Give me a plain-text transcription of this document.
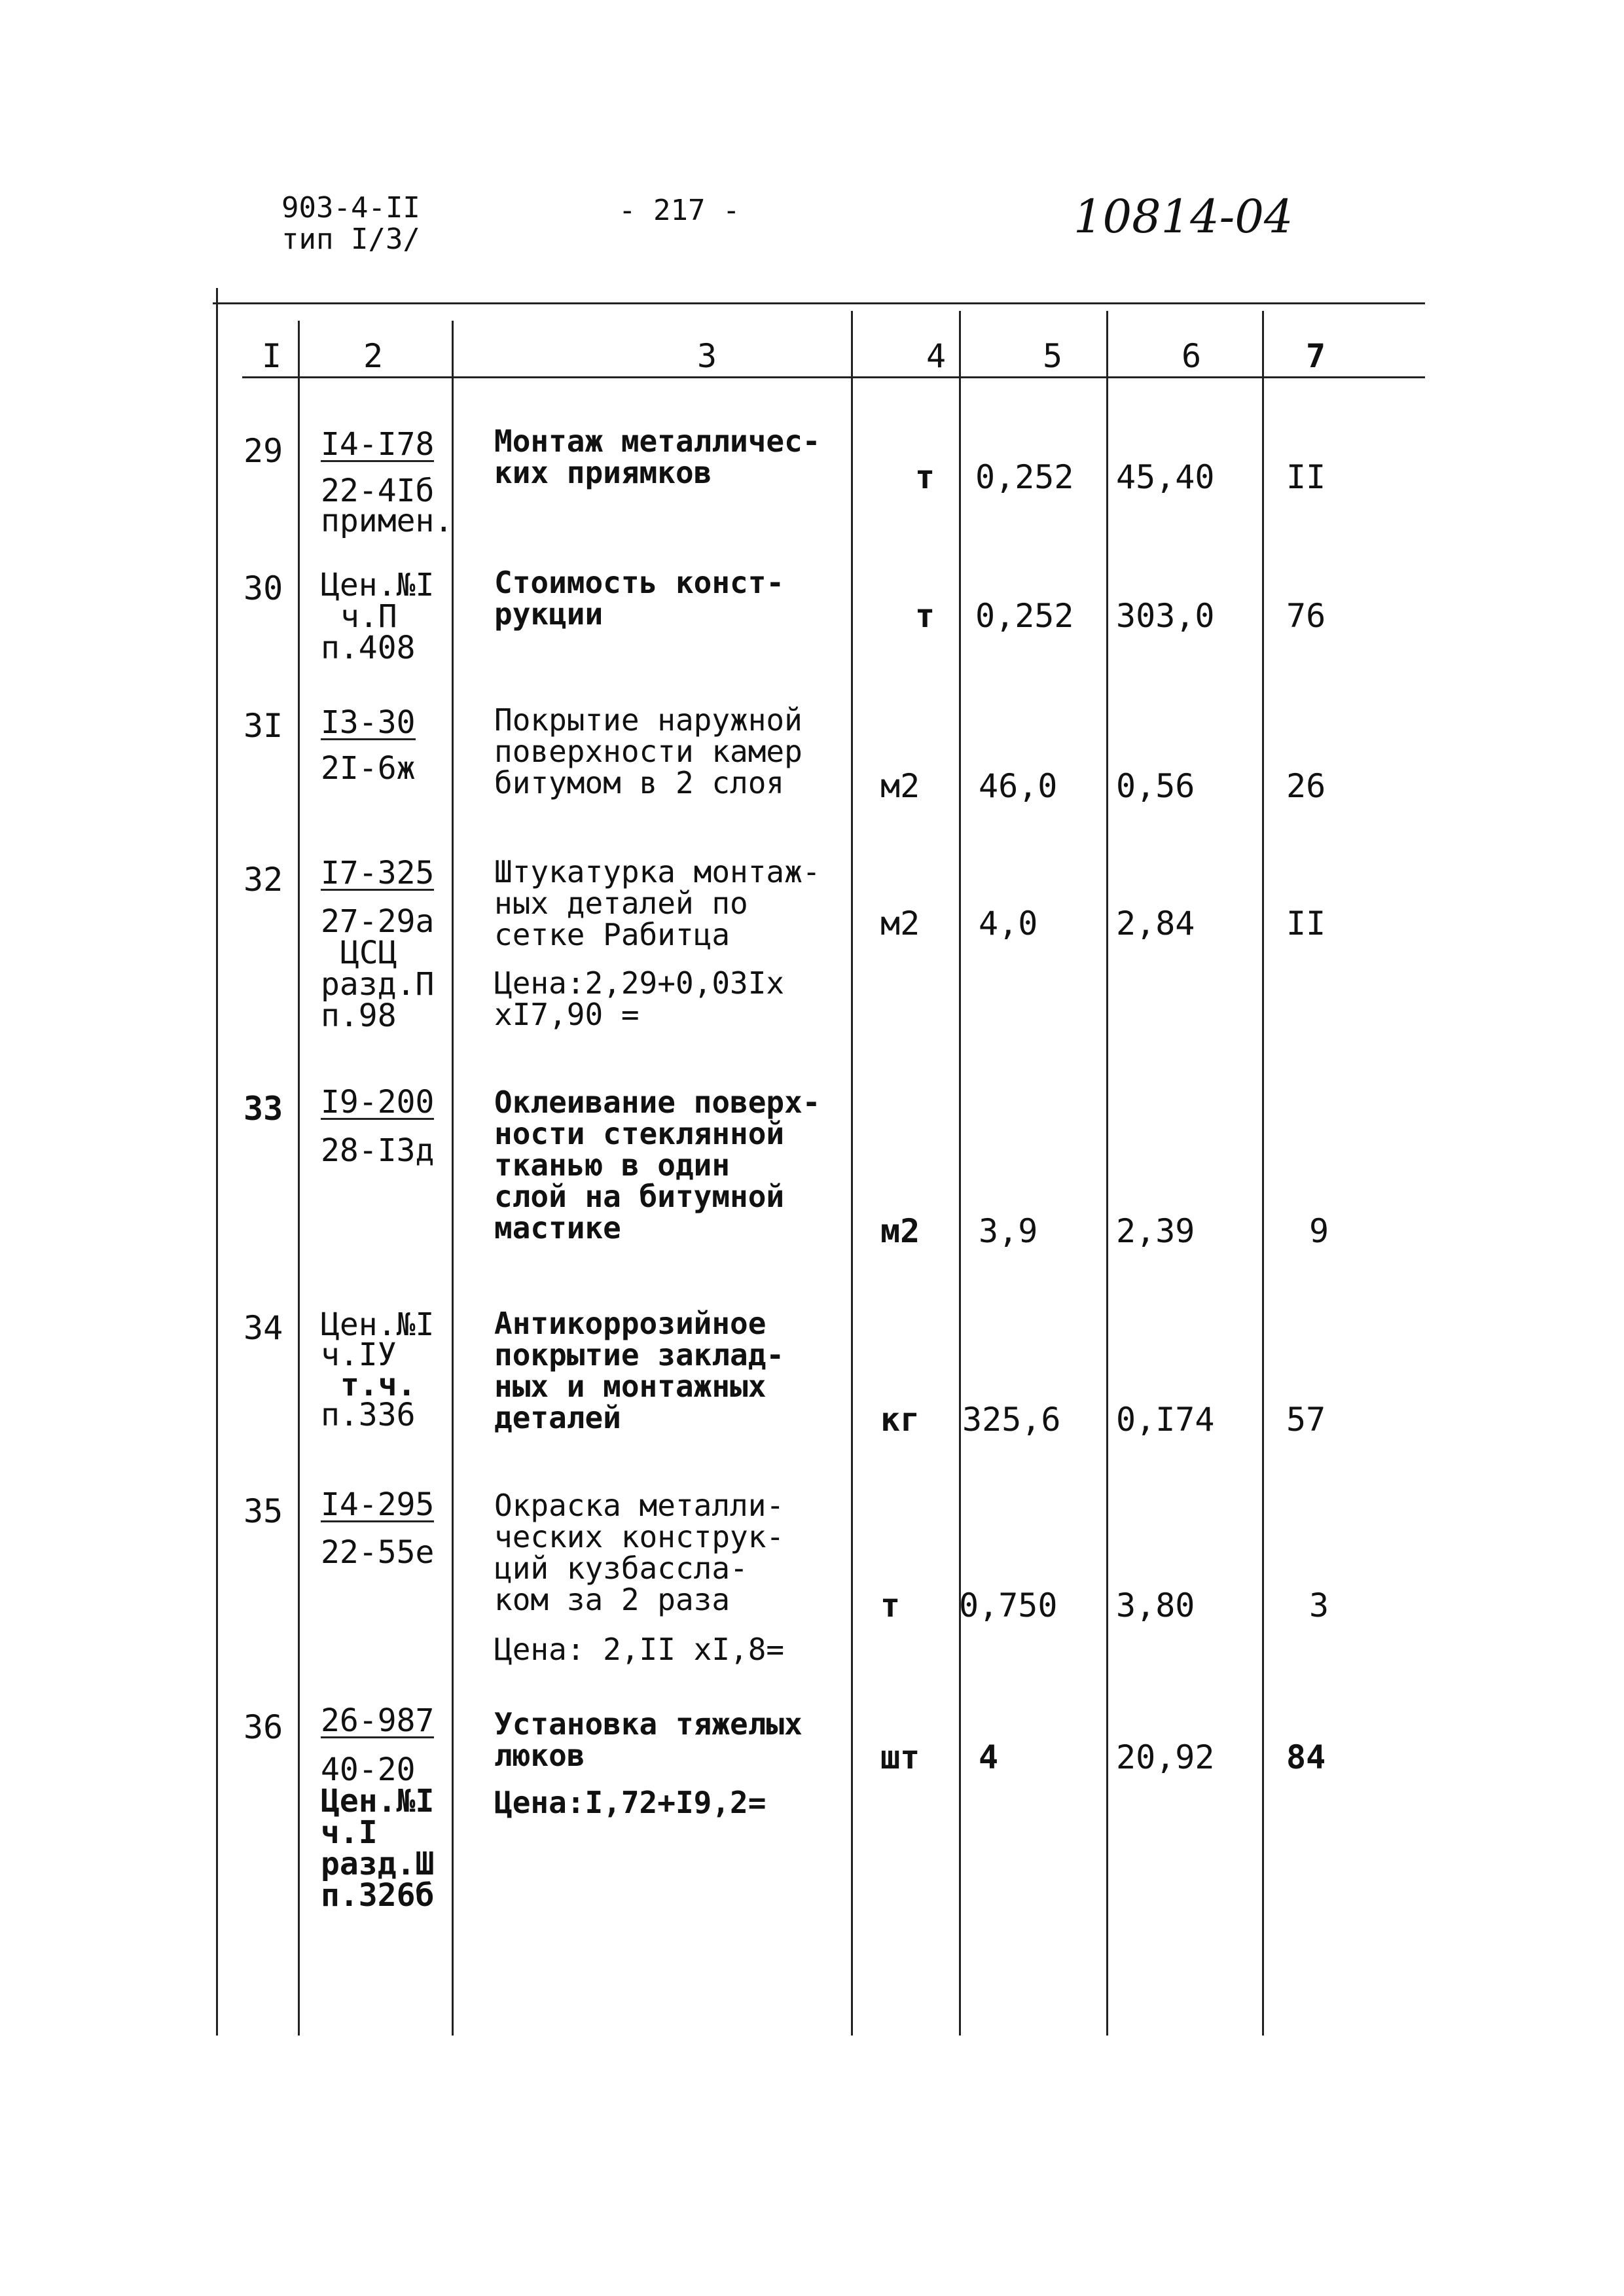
903-4-II
тип I/3/
- 217 -	10814-04
I	2	3	4	5	6	7
29 I4-I78
22-4Iб
примен.
Монтаж металличес-
ких приямков	т 0,252 45,40 II
30 Цен.№I
ч.П
п.408
Стоимость конст-
рукции	т 0,252 303,0 76
3I I3-30
2I-6ж
Покрытие наружной
поверхности камер
битумом в 2 слоя	м2 46,0 0,56	26
32 I7-325
27-29а
ЦСЦ
разд.П
п.98
Штукатурка монтаж-
ных деталей по
сетке Рабитца
Цена:2,29+0,03Iх
хI7,90 =
м2 4,0 2,84	II
33 I9-200
28-I3д
Оклеивание поверх-
ности стеклянной
тканью в один
слой на битумной
мастике	м2 3,9 2,39	9
34 Цен.№I
ч.IУ
т.ч.
п.336
Антикоррозийное
покрытие заклад-
ных и монтажных
деталей	кг 325,6 0,I74 57
35 I4-295
22-55е
Окраска металли-
ческих конструк-
ций кузбассла-
ком за 2 раза
Цена: 2,II хI,8=
т 0,750 3,80	3
36 26-987
40-20
Цен.№I
ч.I
разд.Ш
п.326б
Установка тяжелых
люков
Цена:I,72+I9,2=
шт 4	20,92 84
